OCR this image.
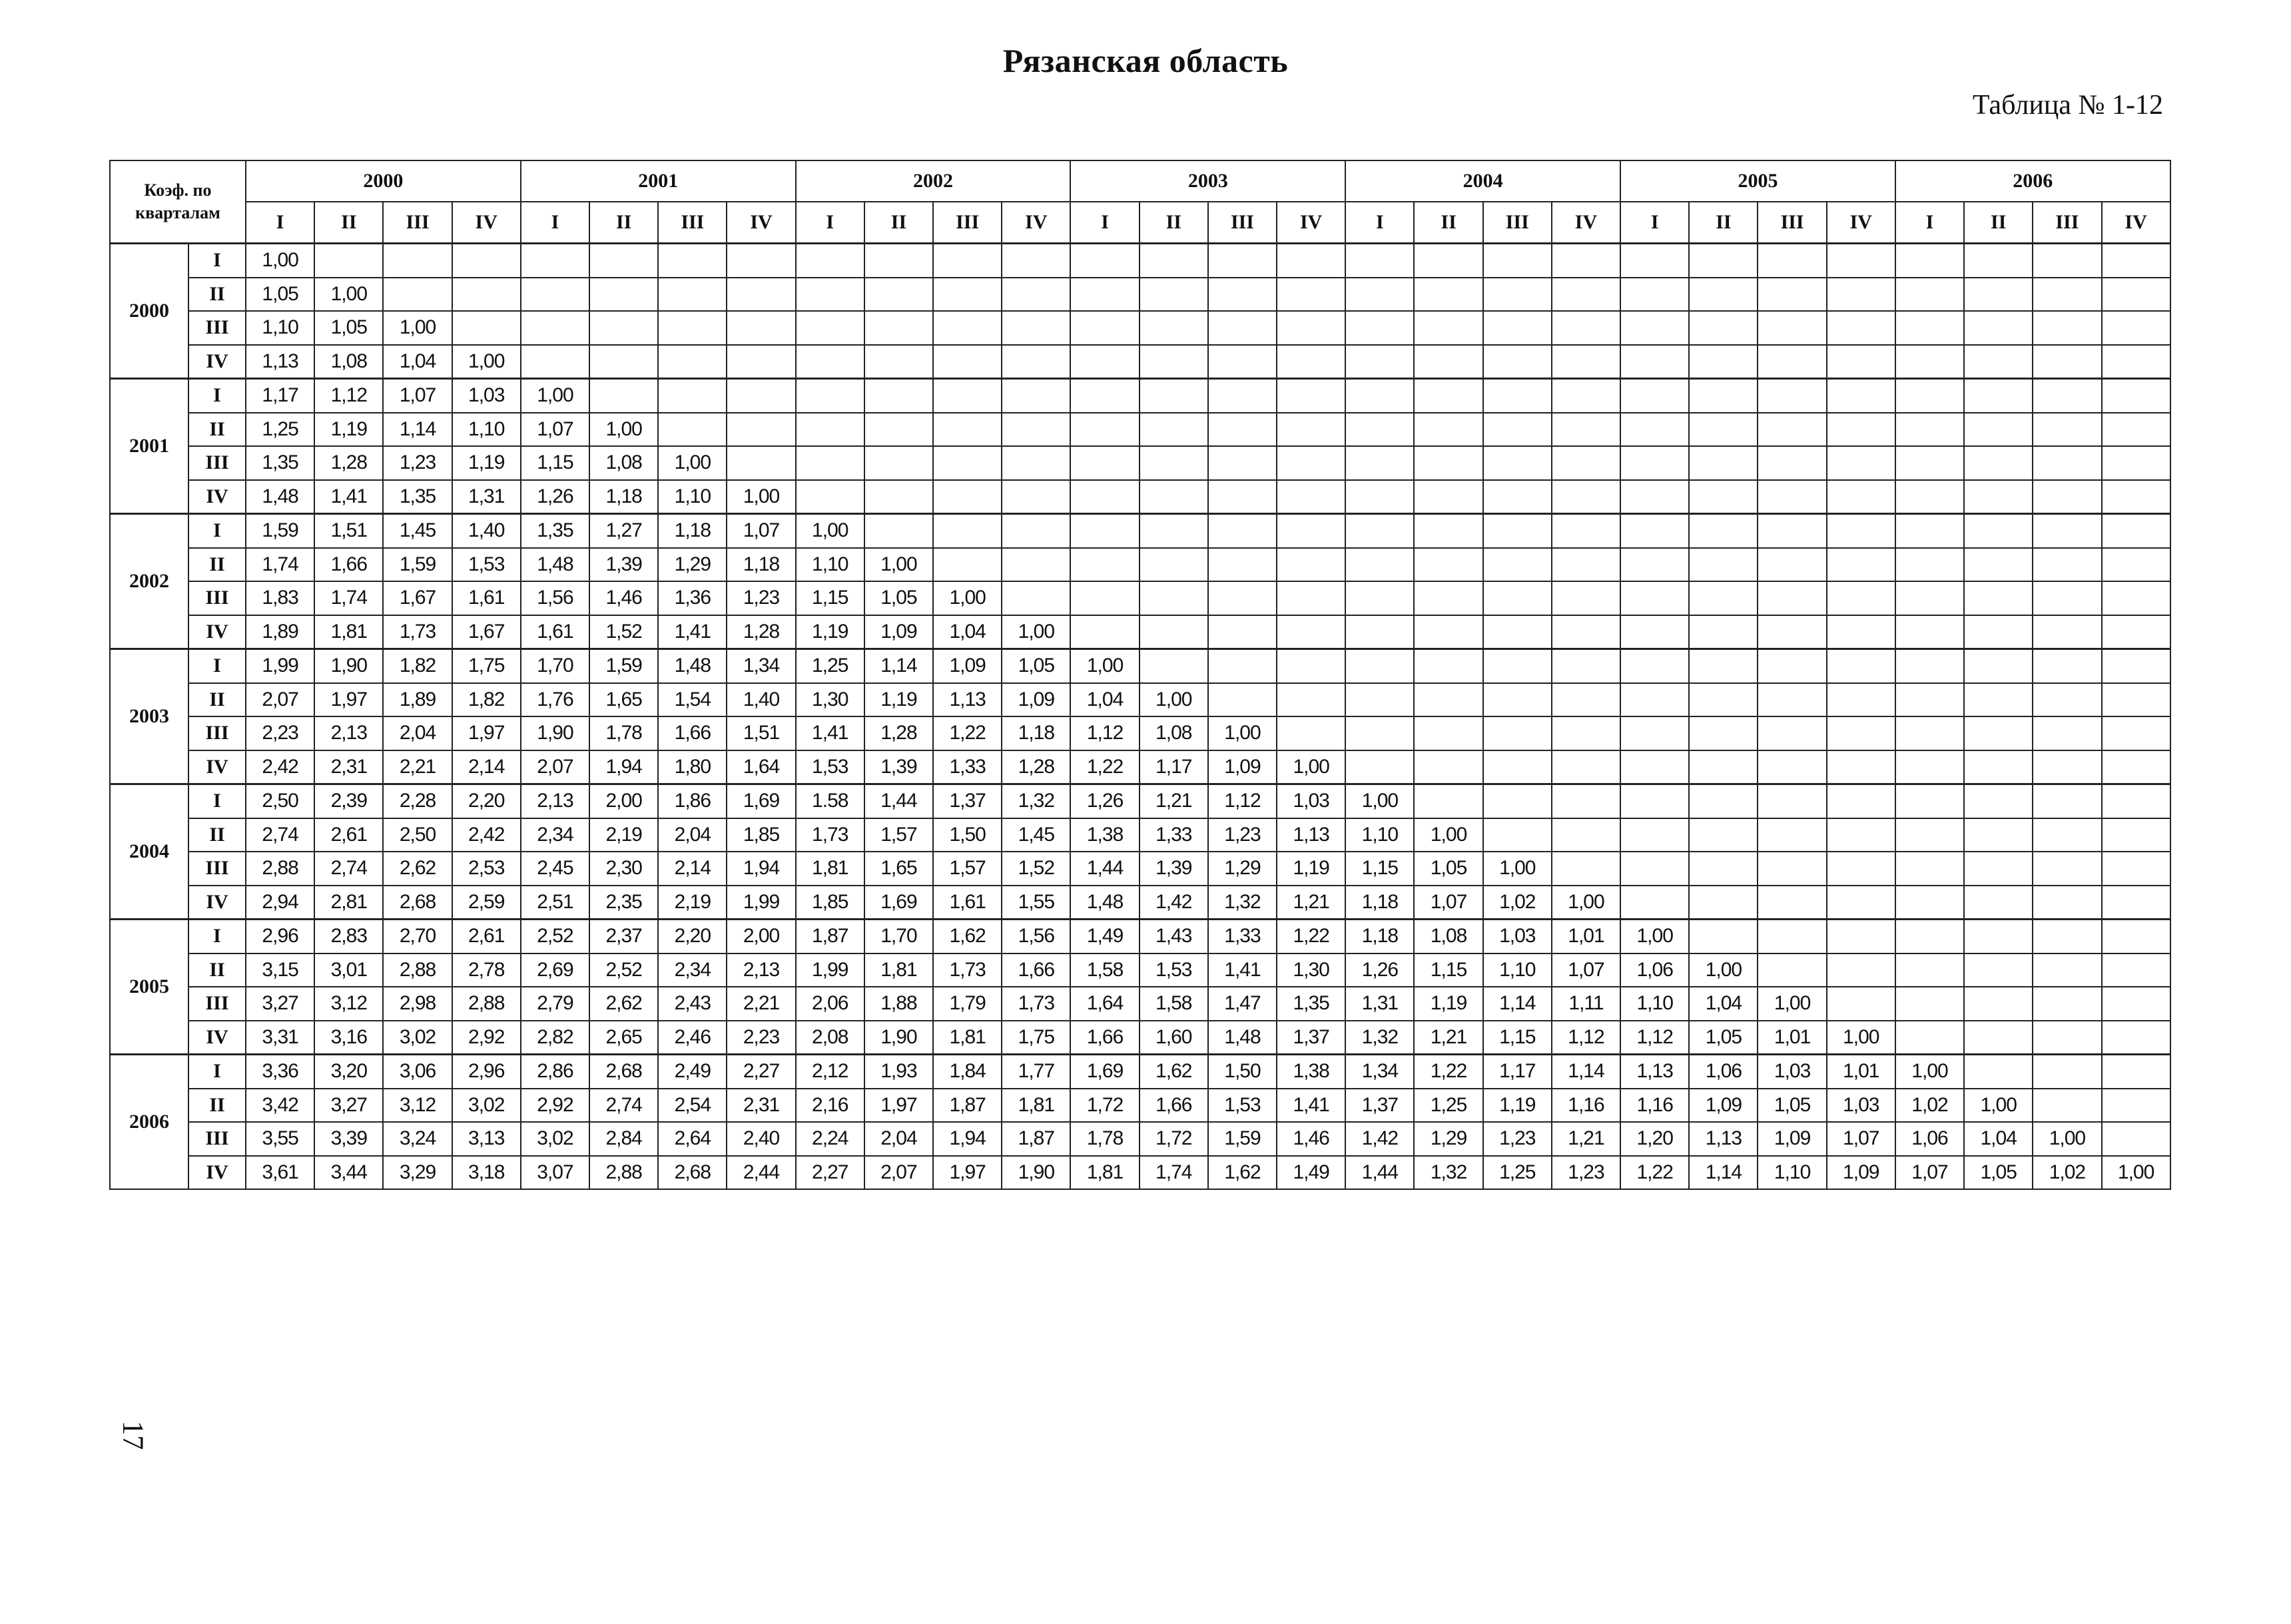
Рязанская область
Таблица № 1-12
17
Коэф. по
кварталам		2000				2001				2002				2003				2004				2005				2006			
		I	II	III	IV	I	II	III	IV	I	II	III	IV	I	II	III	IV	I	II	III	IV	I	II	III	IV	I	II	III	IV
2000	I	1,00																											
	II	1,05	1,00																										
	III	1,10	1,05	1,00																									
	IV	1,13	1,08	1,04	1,00																								
2001	I	1,17	1,12	1,07	1,03	1,00																							
	II	1,25	1,19	1,14	1,10	1,07	1,00																						
	III	1,35	1,28	1,23	1,19	1,15	1,08	1,00																					
	IV	1,48	1,41	1,35	1,31	1,26	1,18	1,10	1,00																				
2002	I	1,59	1,51	1,45	1,40	1,35	1,27	1,18	1,07	1,00																			
	II	1,74	1,66	1,59	1,53	1,48	1,39	1,29	1,18	1,10	1,00																		
	III	1,83	1,74	1,67	1,61	1,56	1,46	1,36	1,23	1,15	1,05	1,00																	
	IV	1,89	1,81	1,73	1,67	1,61	1,52	1,41	1,28	1,19	1,09	1,04	1,00																
2003	I	1,99	1,90	1,82	1,75	1,70	1,59	1,48	1,34	1,25	1,14	1,09	1,05	1,00															
	II	2,07	1,97	1,89	1,82	1,76	1,65	1,54	1,40	1,30	1,19	1,13	1,09	1,04	1,00														
	III	2,23	2,13	2,04	1,97	1,90	1,78	1,66	1,51	1,41	1,28	1,22	1,18	1,12	1,08	1,00													
	IV	2,42	2,31	2,21	2,14	2,07	1,94	1,80	1,64	1,53	1,39	1,33	1,28	1,22	1,17	1,09	1,00												
2004	I	2,50	2,39	2,28	2,20	2,13	2,00	1,86	1,69	1.58	1,44	1,37	1,32	1,26	1,21	1,12	1,03	1,00											
	II	2,74	2,61	2,50	2,42	2,34	2,19	2,04	1,85	1,73	1,57	1,50	1,45	1,38	1,33	1,23	1,13	1,10	1,00										
	III	2,88	2,74	2,62	2,53	2,45	2,30	2,14	1,94	1,81	1,65	1,57	1,52	1,44	1,39	1,29	1,19	1,15	1,05	1,00									
	IV	2,94	2,81	2,68	2,59	2,51	2,35	2,19	1,99	1,85	1,69	1,61	1,55	1,48	1,42	1,32	1,21	1,18	1,07	1,02	1,00								
2005	I	2,96	2,83	2,70	2,61	2,52	2,37	2,20	2,00	1,87	1,70	1,62	1,56	1,49	1,43	1,33	1,22	1,18	1,08	1,03	1,01	1,00							
	II	3,15	3,01	2,88	2,78	2,69	2,52	2,34	2,13	1,99	1,81	1,73	1,66	1,58	1,53	1,41	1,30	1,26	1,15	1,10	1,07	1,06	1,00						
	III	3,27	3,12	2,98	2,88	2,79	2,62	2,43	2,21	2,06	1,88	1,79	1,73	1,64	1,58	1,47	1,35	1,31	1,19	1,14	1,11	1,10	1,04	1,00					
	IV	3,31	3,16	3,02	2,92	2,82	2,65	2,46	2,23	2,08	1,90	1,81	1,75	1,66	1,60	1,48	1,37	1,32	1,21	1,15	1,12	1,12	1,05	1,01	1,00				
2006	I	3,36	3,20	3,06	2,96	2,86	2,68	2,49	2,27	2,12	1,93	1,84	1,77	1,69	1,62	1,50	1,38	1,34	1,22	1,17	1,14	1,13	1,06	1,03	1,01	1,00			
	II	3,42	3,27	3,12	3,02	2,92	2,74	2,54	2,31	2,16	1,97	1,87	1,81	1,72	1,66	1,53	1,41	1,37	1,25	1,19	1,16	1,16	1,09	1,05	1,03	1,02	1,00		
	III	3,55	3,39	3,24	3,13	3,02	2,84	2,64	2,40	2,24	2,04	1,94	1,87	1,78	1,72	1,59	1,46	1,42	1,29	1,23	1,21	1,20	1,13	1,09	1,07	1,06	1,04	1,00	
	IV	3,61	3,44	3,29	3,18	3,07	2,88	2,68	2,44	2,27	2,07	1,97	1,90	1,81	1,74	1,62	1,49	1,44	1,32	1,25	1,23	1,22	1,14	1,10	1,09	1,07	1,05	1,02	1,00
